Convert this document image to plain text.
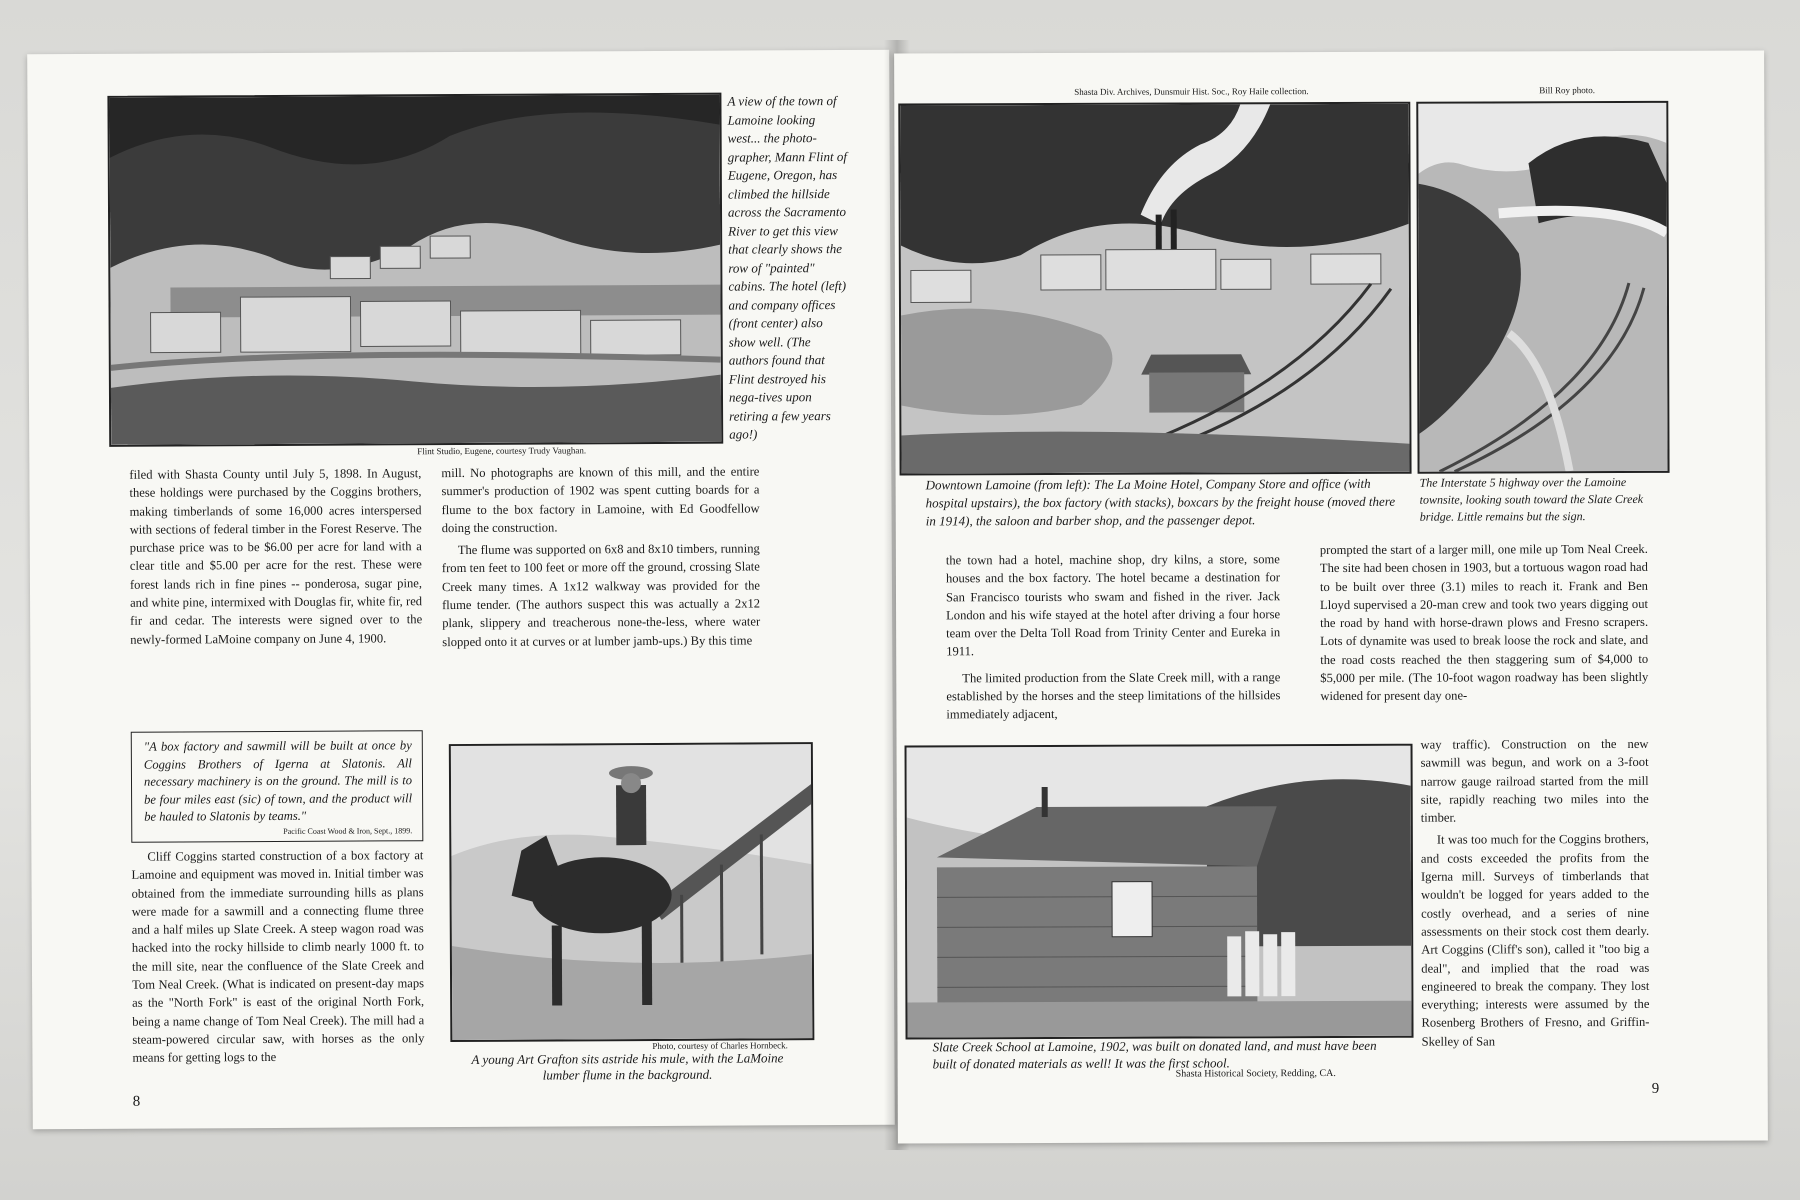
Flint Studio, Eugene, courtesy Trudy Vaughan.
A view of the town of Lamoine looking west... the photo-grapher, Mann Flint of Eugene, Oregon, has climbed the hillside across the Sacramento River to get this view that clearly shows the row of "painted" cabins. The hotel (left) and company offices (front center) also show well. (The authors found that Flint destroyed his nega-tives upon retiring a few years ago!)

filed with Shasta County until July 5, 1898. In August, these holdings were purchased by the Coggins brothers, making timberlands of some 16,000 acres interspersed with sections of federal timber in the Forest Reserve. The purchase price was to be $6.00 per acre for land with a clear title and $5.00 per acre for the rest. These were forest lands rich in fine pines -- ponderosa, sugar pine, and white pine, intermixed with Douglas fir, white fir, red fir and cedar. The interests were signed over to the newly-formed LaMoine company on June 4, 1900.

"A box factory and sawmill will be built at once by Coggins Brothers of Igerna at Slatonis. All necessary machinery is on the ground. The mill is to be four miles east (sic) of town, and the product will be hauled to Slatonis by teams."
Pacific Coast Wood & Iron, Sept., 1899.

Cliff Coggins started construction of a box factory at Lamoine and equipment was moved in. Initial timber was obtained from the immediate surrounding hills as plans were made for a sawmill and a connecting flume three and a half miles up Slate Creek. A steep wagon road was hacked into the rocky hillside to climb nearly 1000 ft. to the mill site, near the confluence of the Slate Creek and Tom Neal Creek. (What is indicated on present-day maps as the "North Fork" is east of the original North Fork, being a name change of Tom Neal Creek). The mill had a steam-powered circular saw, with horses as the only means for getting logs to the

mill. No photographs are known of this mill, and the entire summer's production of 1902 was spent cutting boards for a flume to the box factory in Lamoine, with Ed Goodfellow doing the construction.

The flume was supported on 6x8 and 8x10 timbers, running from ten feet to 100 feet or more off the ground, crossing Slate Creek many times. A 1x12 walkway was provided for the flume tender. (The authors suspect this was actually a 2x12 plank, slippery and treacherous none-the-less, where water slopped onto it at curves or at lumber jamb-ups.) By this time

Photo, courtesy of Charles Hornbeck.
A young Art Grafton sits astride his mule, with the LaMoine lumber flume in the background.
8
Shasta Div. Archives, Dunsmuir Hist. Soc., Roy Haile collection.	Bill Roy photo.
Downtown Lamoine (from left): The La Moine Hotel, Company Store and office (with hospital upstairs), the box factory (with stacks), boxcars by the freight house (moved there in 1914), the saloon and barber shop, and the passenger depot.
The Interstate 5 highway over the Lamoine townsite, looking south toward the Slate Creek bridge. Little remains but the sign.

the town had a hotel, machine shop, dry kilns, a store, some houses and the box factory. The hotel became a destination for San Francisco tourists who swam and fished in the river. Jack London and his wife stayed at the hotel after driving a four horse team over the Delta Toll Road from Trinity Center and Eureka in 1911.

The limited production from the Slate Creek mill, with a range established by the horses and the steep limitations of the hillsides immediately adjacent,

prompted the start of a larger mill, one mile up Tom Neal Creek. The site had been chosen in 1903, but a tortuous wagon road had to be built over three (3.1) miles to reach it. Frank and Ben Lloyd supervised a 20-man crew and took two years digging out the road by hand with horse-drawn plows and Fresno scrapers. Lots of dynamite was used to break loose the rock and slate, and the road costs reached the then staggering sum of $4,000 to $5,000 per mile. (The 10-foot wagon roadway has been slightly widened for present day one-

way traffic). Construction on the new sawmill was begun, and work on a 3-foot narrow gauge railroad started from the mill site, rapidly reaching two miles into the timber.

It was too much for the Coggins brothers, and costs exceeded the profits from the Igerna mill. Surveys of timberlands that wouldn't be logged for years added to the costly overhead, and a series of nine assessments on their stock cost them dearly. Art Coggins (Cliff's son), called it "too big a deal", and implied that the road was engineered to break the company. They lost everything; interests were assumed by the Rosenberg Brothers of Fresno, and Griffin-Skelley of San

Slate Creek School at Lamoine, 1902, was built on donated land, and must have been built of donated materials as well! It was the first school.
Shasta Historical Society, Redding, CA.
9
